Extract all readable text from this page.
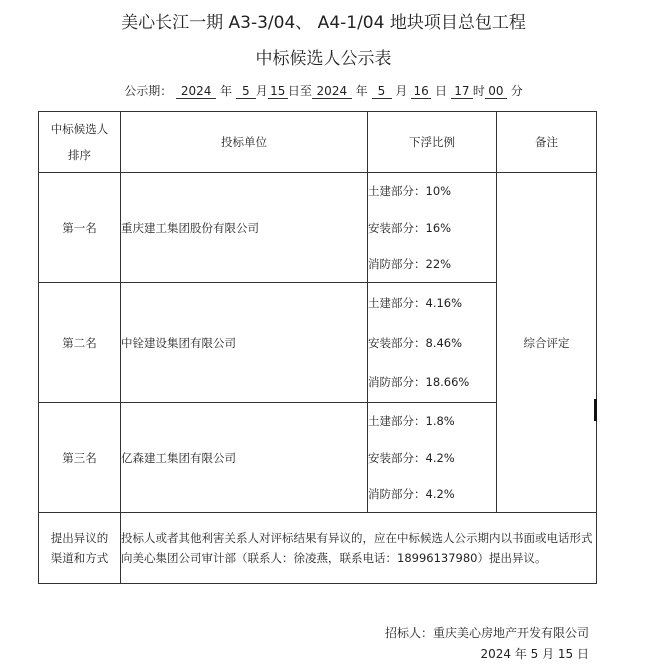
美心长江一期 A3-3/04、 A4-1/04 地块项目总包工程
中标候选人公示表
公示期： 2024 年 5 月 15 日至 2024 年 5 月 16 日 17 时 00 分
中标候选人
排序	投标单位	下浮比例	备注
第一名	重庆建工集团股份有限公司	土建部分：10%
安装部分：16%
消防部分：22%	综合评定
第二名	中铨建设集团有限公司	土建部分：4.16%
安装部分：8.46%
消防部分：18.66%	

第三名	亿森建工集团有限公司	土建部分：1.8%
安装部分：4.2%
消防部分：4.2%	

提出异议的
渠道和方式	投标人或者其他利害关系人对评标结果有异议的，应在中标候选人公示期内以书面或电话形式向美心集团公司审计部（联系人：徐凌燕，联系电话：18996137980）提出异议。		
招标人：重庆美心房地产开发有限公司
2024 年 5 月 15 日
